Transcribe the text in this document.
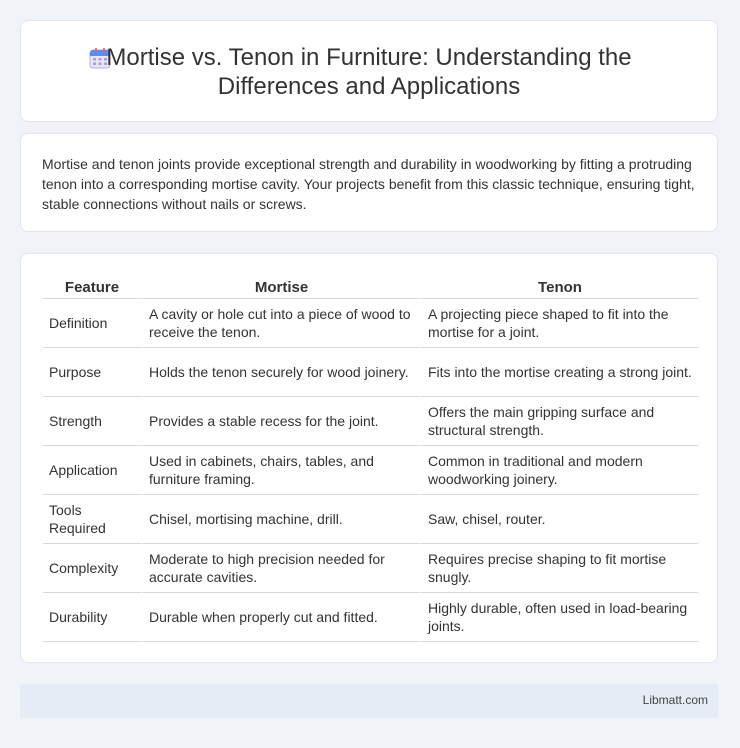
Mortise vs. Tenon in Furniture: Understanding the Differences and Applications

Mortise and tenon joints provide exceptional strength and durability in woodworking by fitting a protruding tenon into a corresponding mortise cavity. Your projects benefit from this classic technique, ensuring tight, stable connections without nails or screws.

Feature	Mortise	Tenon
Definition	A cavity or hole cut into a piece of wood to receive the tenon.	A projecting piece shaped to fit into the mortise for a joint.
Purpose	Holds the tenon securely for wood joinery.	Fits into the mortise creating a strong joint.
Strength	Provides a stable recess for the joint.	Offers the main gripping surface and structural strength.
Application	Used in cabinets, chairs, tables, and furniture framing.	Common in traditional and modern woodworking joinery.
Tools Required	Chisel, mortising machine, drill.	Saw, chisel, router.
Complexity	Moderate to high precision needed for accurate cavities.	Requires precise shaping to fit mortise snugly.
Durability	Durable when properly cut and fitted.	Highly durable, often used in load-bearing joints.
Libmatt.com
